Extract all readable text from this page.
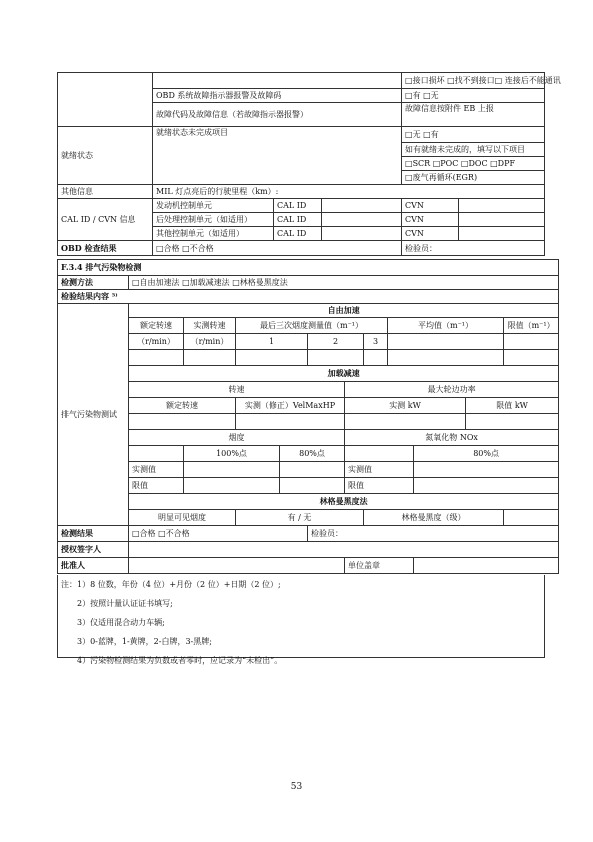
				□接口损坏 □找不到接口□ 连接后不能通讯	
	OBD 系统故障指示器报警及故障码			□有 □无	
	故障代码及故障信息（若故障指示器报警）			故障信息按附件 EB 上报	
就绪状态	就绪状态未完成项目			□无 □有	
				如有就绪未完成的，填写以下项目	
				□SCR □POC □DOC □DPF	
				□废气再循环(EGR)	
其他信息	MIL 灯点亮后的行驶里程（km）:				
CAL ID / CVN 信息	发动机控制单元	CAL ID		CVN	
	后处理控制单元（如适用）	CAL ID		CVN	
	其他控制单元（如适用）	CAL ID		CVN	
OBD 检查结果	□合格 □不合格			检验员：	
F.3.4 排气污染物检测											
检测方法	□自由加速法 □加载减速法 □林格曼黑度法										
检验结果内容 ⁵⁾											
排气污染物测试	自由加速										
	额定转速	实测转速	最后三次烟度测量值（m⁻¹）					平均值（m⁻¹）			限值（m⁻¹）
	（r/min）	（r/min）	1		2		3				

	加载减速										
	转速					最大轮边功率					
	额定转速		实测（修正）VelMaxHP			实测 kW				限值 kW	

	烟度					氮氧化物 NOx					
		100%点		80%点					80%点		
	实测值					实测值					
	限值					限值					
	林格曼黑度法										
	明显可见烟度		有 / 无				林格曼黑度（级）				
检测结果	□合格 □不合格				检验员：						
授权签字人											
批准人						单位盖章					
注：1）8 位数，年份（4 位）+月份（2 位）+日期（2 位）;
2）按照计量认证证书填写;
3）仪适用混合动力车辆;
3）0-蓝牌，1-黄牌，2-白牌，3-黑牌;
4）污染物检测结果为负数或者零时，应记录为“未检出”。
53
